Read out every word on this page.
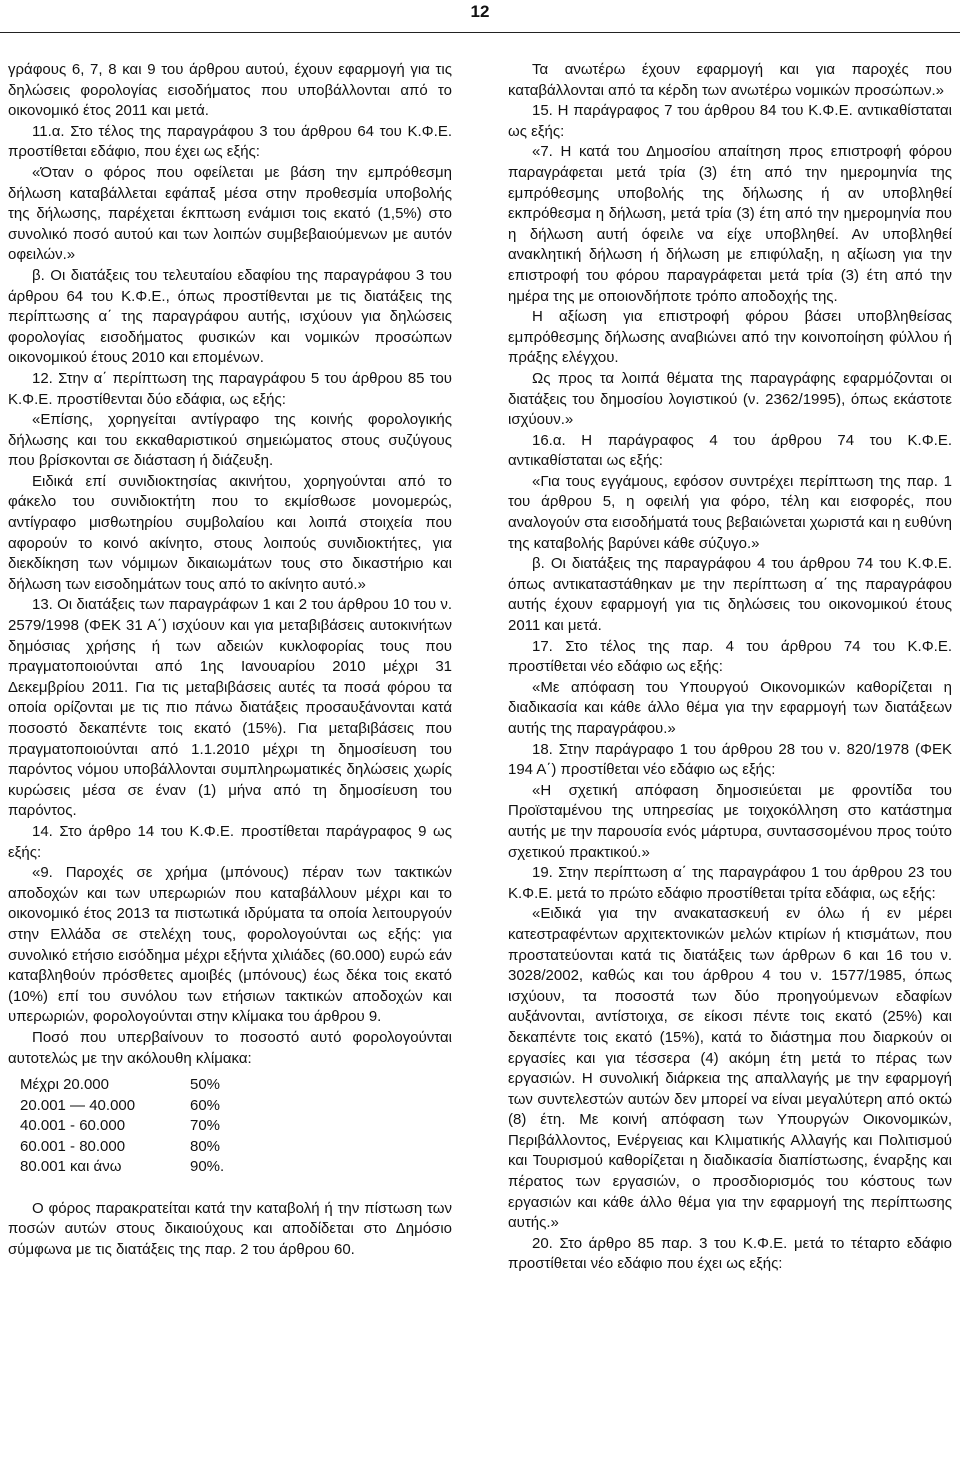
12

γράφους 6, 7, 8 και 9 του άρθρου αυτού, έχουν εφαρμογή για τις δηλώσεις φορολογίας εισοδήματος που υποβάλλονται από το οικονομικό έτος 2011 και μετά.

11.α. Στο τέλος της παραγράφου 3 του άρθρου 64 του Κ.Φ.Ε. προστίθεται εδάφιο, που έχει ως εξής:

«Όταν ο φόρος που οφείλεται με βάση την εμπρόθεσμη δήλωση καταβάλλεται εφάπαξ μέσα στην προθεσμία υποβολής της δήλωσης, παρέχεται έκπτωση ενάμισι τοις εκατό (1,5%) στο συνολικό ποσό αυτού και των λοιπών συμβεβαιούμενων με αυτόν οφειλών.»

β. Οι διατάξεις του τελευταίου εδαφίου της παραγράφου 3 του άρθρου 64 του Κ.Φ.Ε., όπως προστίθενται με τις διατάξεις της περίπτωσης α΄ της παραγράφου αυτής, ισχύουν για δηλώσεις φορολογίας εισοδήματος φυσικών και νομικών προσώπων οικονομικού έτους 2010 και επομένων.

12. Στην α΄ περίπτωση της παραγράφου 5 του άρθρου 85 του Κ.Φ.Ε. προστίθενται δύο εδάφια, ως εξής:

«Επίσης, χορηγείται αντίγραφο της κοινής φορολογικής δήλωσης και του εκκαθαριστικού σημειώματος στους συζύγους που βρίσκονται σε διάσταση ή διάζευξη.

Ειδικά επί συνιδιοκτησίας ακινήτου, χορηγούνται από το φάκελο του συνιδιοκτήτη που το εκμίσθωσε μονομερώς, αντίγραφο μισθωτηρίου συμβολαίου και λοιπά στοιχεία που αφορούν το κοινό ακίνητο, στους λοιπούς συνιδιοκτήτες, για διεκδίκηση των νόμιμων δικαιωμάτων τους στο δικαστήριο και δήλωση των εισοδημάτων τους από το ακίνητο αυτό.»

13. Οι διατάξεις των παραγράφων 1 και 2 του άρθρου 10 του ν. 2579/1998 (ΦΕΚ 31 Α΄) ισχύουν και για μεταβιβάσεις αυτοκινήτων δημόσιας χρήσης ή των αδειών κυκλοφορίας τους που πραγματοποιούνται από 1ης Ιανουαρίου 2010 μέχρι 31 Δεκεμβρίου 2011. Για τις μεταβιβάσεις αυτές τα ποσά φόρου τα οποία ορίζονται με τις πιο πάνω διατάξεις προσαυξάνονται κατά ποσοστό δεκαπέντε τοις εκατό (15%). Για μεταβιβάσεις που πραγματοποιούνται από 1.1.2010 μέχρι τη δημοσίευση του παρόντος νόμου υποβάλλονται συμπληρωματικές δηλώσεις χωρίς κυρώσεις μέσα σε έναν (1) μήνα από τη δημοσίευση του παρόντος.

14. Στο άρθρο 14 του Κ.Φ.Ε. προστίθεται παράγραφος 9 ως εξής:

«9. Παροχές σε χρήμα (μπόνους) πέραν των τακτικών αποδοχών και των υπερωριών που καταβάλλουν μέχρι και το οικονομικό έτος 2013 τα πιστωτικά ιδρύματα τα οποία λειτουργούν στην Ελλάδα σε στελέχη τους, φορολογούνται ως εξής: για συνολικό ετήσιο εισόδημα μέχρι εξήντα χιλιάδες (60.000) ευρώ εάν καταβληθούν πρόσθετες αμοιβές (μπόνους) έως δέκα τοις εκατό (10%) επί του συνόλου των ετήσιων τακτικών αποδοχών και υπερωριών, φορολογούνται στην κλίμακα του άρθρου 9.

Ποσό που υπερβαίνουν το ποσοστό αυτό φορολογούνται αυτοτελώς με την ακόλουθη κλίμακα:

Μέχρι 20.000	50%
20.001 — 40.000	60%
40.001 - 60.000	70%
60.001 - 80.000	80%
80.001 και άνω	90%.

Ο φόρος παρακρατείται κατά την καταβολή ή την πίστωση των ποσών αυτών στους δικαιούχους και αποδίδεται στο Δημόσιο σύμφωνα με τις διατάξεις της παρ. 2 του άρθρου 60.

Τα ανωτέρω έχουν εφαρμογή και για παροχές που καταβάλλονται από τα κέρδη των ανωτέρω νομικών προσώπων.»

15. Η παράγραφος 7 του άρθρου 84 του Κ.Φ.Ε. αντικαθίσταται ως εξής:

«7. Η κατά του Δημοσίου απαίτηση προς επιστροφή φόρου παραγράφεται μετά τρία (3) έτη από την ημερομηνία της εμπρόθεσμης υποβολής της δήλωσης ή αν υποβληθεί εκπρόθεσμα η δήλωση, μετά τρία (3) έτη από την ημερομηνία που η δήλωση αυτή όφειλε να είχε υποβληθεί. Αν υποβληθεί ανακλητική δήλωση ή δήλωση με επιφύλαξη, η αξίωση για την επιστροφή του φόρου παραγράφεται μετά τρία (3) έτη από την ημέρα της με οποιονδήποτε τρόπο αποδοχής της.

Η αξίωση για επιστροφή φόρου βάσει υποβληθείσας εμπρόθεσμης δήλωσης αναβιώνει από την κοινοποίηση φύλλου ή πράξης ελέγχου.

Ως προς τα λοιπά θέματα της παραγράφης εφαρμόζονται οι διατάξεις του δημοσίου λογιστικού (ν. 2362/1995), όπως εκάστοτε ισχύουν.»

16.α. Η παράγραφος 4 του άρθρου 74 του Κ.Φ.Ε. αντικαθίσταται ως εξής:

«Για τους εγγάμους, εφόσον συντρέχει περίπτωση της παρ. 1 του άρθρου 5, η οφειλή για φόρο, τέλη και εισφορές, που αναλογούν στα εισοδήματά τους βεβαιώνεται χωριστά και η ευθύνη της καταβολής βαρύνει κάθε σύζυγο.»

β. Οι διατάξεις της παραγράφου 4 του άρθρου 74 του Κ.Φ.Ε. όπως αντικαταστάθηκαν με την περίπτωση α΄ της παραγράφου αυτής έχουν εφαρμογή για τις δηλώσεις του οικονομικού έτους 2011 και μετά.

17. Στο τέλος της παρ. 4 του άρθρου 74 του Κ.Φ.Ε. προστίθεται νέο εδάφιο ως εξής:

«Με απόφαση του Υπουργού Οικονομικών καθορίζεται η διαδικασία και κάθε άλλο θέμα για την εφαρμογή των διατάξεων αυτής της παραγράφου.»

18. Στην παράγραφο 1 του άρθρου 28 του ν. 820/1978 (ΦΕΚ 194 Α΄) προστίθεται νέο εδάφιο ως εξής:

«Η σχετική απόφαση δημοσιεύεται με φροντίδα του Προϊσταμένου της υπηρεσίας με τοιχοκόλληση στο κατάστημα αυτής με την παρουσία ενός μάρτυρα, συντασσομένου προς τούτο σχετικού πρακτικού.»

19. Στην περίπτωση α΄ της παραγράφου 1 του άρθρου 23 του Κ.Φ.Ε. μετά το πρώτο εδάφιο προστίθεται τρίτα εδάφια, ως εξής:

«Ειδικά για την ανακατασκευή εν όλω ή εν μέρει κατεστραφέντων αρχιτεκτονικών μελών κτιρίων ή κτισμάτων, που προστατεύονται κατά τις διατάξεις των άρθρων 6 και 16 του ν. 3028/2002, καθώς και του άρθρου 4 του ν. 1577/1985, όπως ισχύουν, τα ποσοστά των δύο προηγούμενων εδαφίων αυξάνονται, αντίστοιχα, σε είκοσι πέντε τοις εκατό (25%) και δεκαπέντε τοις εκατό (15%), κατά το διάστημα που διαρκούν οι εργασίες και για τέσσερα (4) ακόμη έτη μετά το πέρας των εργασιών. Η συνολική διάρκεια της απαλλαγής με την εφαρμογή των συντελεστών αυτών δεν μπορεί να είναι μεγαλύτερη από οκτώ (8) έτη. Με κοινή απόφαση των Υπουργών Οικονομικών, Περιβάλλοντος, Ενέργειας και Κλιματικής Αλλαγής και Πολιτισμού και Τουρισμού καθορίζεται η διαδικασία διαπίστωσης, έναρξης και πέρατος των εργασιών, ο προσδιορισμός του κόστους των εργασιών και κάθε άλλο θέμα για την εφαρμογή της περίπτωσης αυτής.»

20. Στο άρθρο 85 παρ. 3 του Κ.Φ.Ε. μετά το τέταρτο εδάφιο προστίθεται νέο εδάφιο που έχει ως εξής:
